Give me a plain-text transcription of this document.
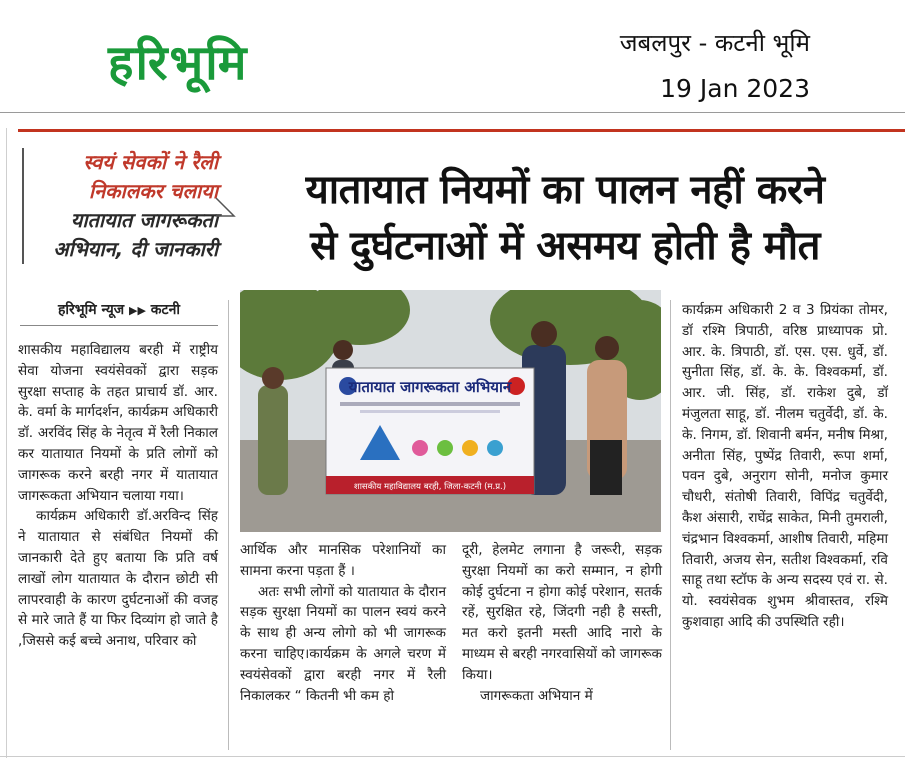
हरिभूमि	जबलपुर - कटनी भूमि
19 Jan 2023
स्वयं सेवकों ने रैली
निकालकर चलाया
यातायात जागरूकता
अभियान, दी जानकारी
यातायात नियमों का पालन नहीं करने
से दुर्घटनाओं में असमय होती है मौत
हरिभूमि न्यूज ▶▶ कटनी

शासकीय महाविद्यालय बरही में राष्ट्रीय सेवा योजना स्वयंसेवकों द्वारा सड़क सुरक्षा सप्ताह के तहत प्राचार्य डॉ. आर. के. वर्मा के मार्गदर्शन, कार्यक्रम अधिकारी डॉ. अरविंद सिंह के नेतृत्व में रैली निकाल कर यातायात नियमों के प्रति लोगों को जागरूक करने बरही नगर में यातायात जागरूकता अभियान चलाया गया।

कार्यक्रम अधिकारी डॉ.अरविन्द सिंह ने यातायात से संबंधित नियमों की जानकारी देते हुए बताया कि प्रति वर्ष लाखों लोग यातायात के दौरान छोटी सी लापरवाही के कारण दुर्घटनाओं की वजह से मारे जाते हैं या फिर दिव्यांग हो जाते है ,जिससे कई बच्चे अनाथ, परिवार को

यातायात जागरूकता अभियान
शासकीय महाविद्यालय बरही, जिला-कटनी (म.प्र.)

आर्थिक और मानसिक परेशानियों का सामना करना पड़ता हैं ।

अतः सभी लोगों को यातायात के दौरान सड़क सुरक्षा नियमों का पालन स्वयं करने के साथ ही अन्य लोगो को भी जागरूक करना चाहिए।कार्यक्रम के अगले चरण में स्वयंसेवकों द्वारा बरही नगर में रैली निकालकर “ कितनी भी कम हो

दूरी, हेलमेट लगाना है जरूरी, सड़क सुरक्षा नियमों का करो सम्मान, न होगी कोई दुर्घटना न होगा कोई परेशान, सतर्क रहें, सुरक्षित रहे, जिंदगी नही है सस्ती, मत करो इतनी मस्ती आदि नारो के माध्यम से बरही नगरवासियों को जागरूक किया।

जागरूकता अभियान में

कार्यक्रम अधिकारी 2 व 3 प्रियंका तोमर, डॉ रश्मि त्रिपाठी, वरिष्ठ प्राध्यापक प्रो. आर. के. त्रिपाठी, डॉ. एस. एस. धुर्वे, डॉ. सुनीता सिंह, डॉ. के. के. विश्वकर्मा, डॉ. आर. जी. सिंह, डॉ. राकेश दुबे, डॉ मंजुलता साहू, डॉ. नीलम चतुर्वेदी, डॉ. के. के. निगम, डॉ. शिवानी बर्मन, मनीष मिश्रा, अनीता सिंह, पुष्पेंद्र तिवारी, रूपा शर्मा, पवन दुबे, अनुराग सोनी, मनोज कुमार चौधरी, संतोषी तिवारी, विपिंद्र चतुर्वेदी, कैश अंसारी, राघेंद्र साकेत, मिनी तुमराली, चंद्रभान विश्वकर्मा, आशीष तिवारी, महिमा तिवारी, अजय सेन, सतीश विश्वकर्मा, रवि साहू तथा स्टॉफ के अन्य सदस्य एवं रा. से. यो. स्वयंसेवक शुभम श्रीवास्तव, रश्मि कुशवाहा आदि की उपस्थिति रही।
